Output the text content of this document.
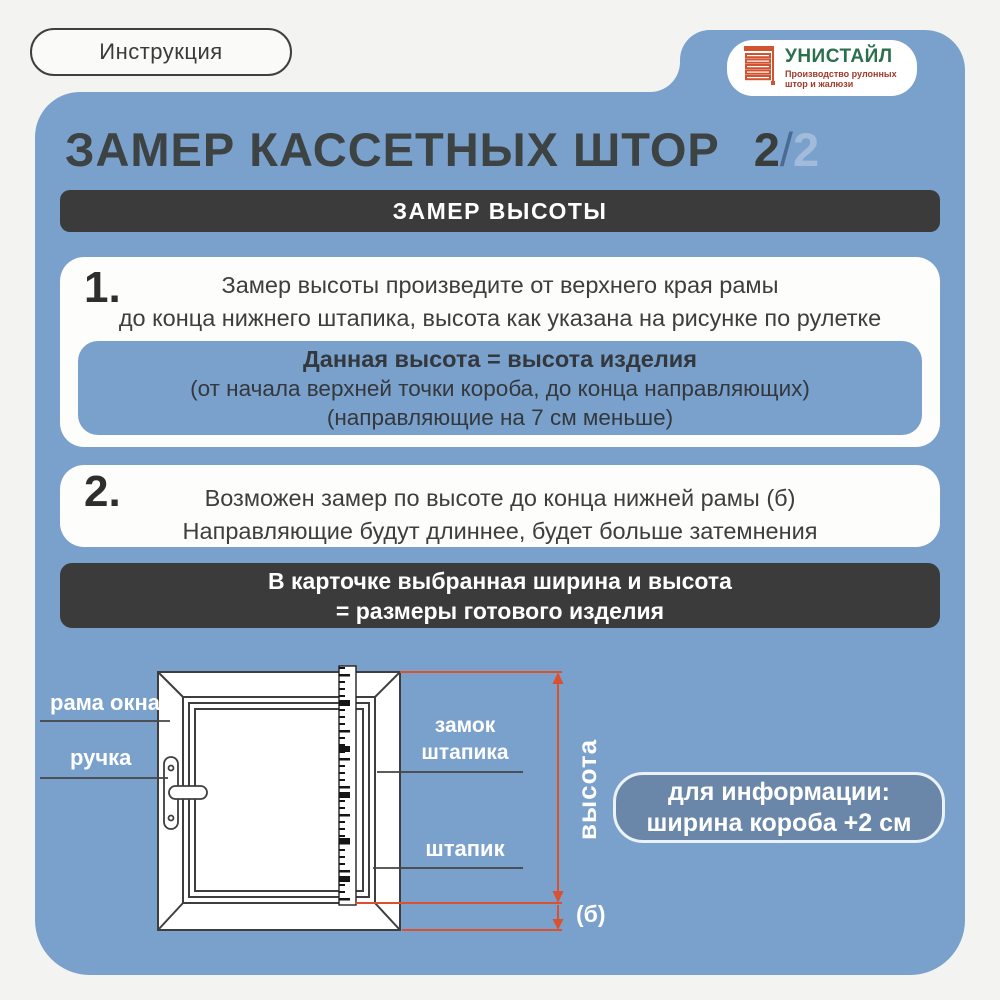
Инструкция	УНИСТАЙЛ
Производство рулонных
штор и жалюзи
ЗАМЕР КАССЕТНЫХ ШТОР 2/2
ЗАМЕР ВЫСОТЫ
1.	Замер высоты произведите от верхнего края рамы
до конца нижнего штапика, высота как указана на рисунке по рулетке
Данная высота = высота изделия
(от начала верхней точки короба, до конца направляющих)
(направляющие на 7 см меньше)
2.	Возможен замер по высоте до конца нижней рамы (б)
Направляющие будут длиннее, будет больше затемнения
В карточке выбранная ширина и высота
= размеры готового изделия
рама окна
ручка
замок штапика
штапик
высота
(б)
для информации:
ширина короба +2 см
